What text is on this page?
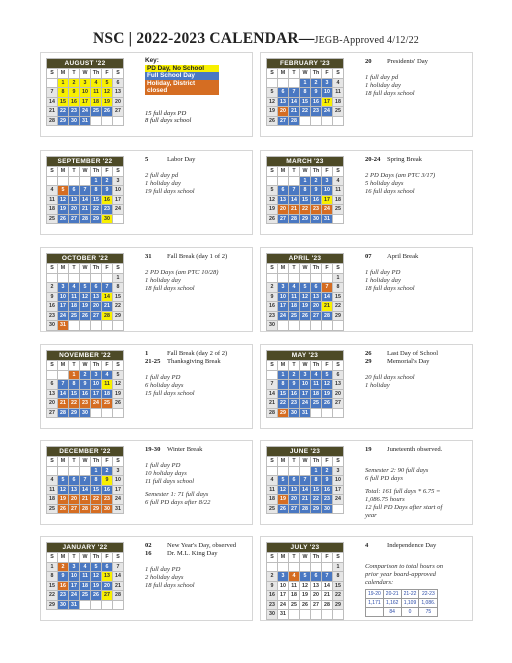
NSC | 2022-2023 CALENDAR—JEGB-Approved 4/12/22
AUGUST '22						
S	M	T	W	Th	F	S
	1	2	3	4	5	6
7	8	9	10	11	12	13
14	15	16	17	18	19	20
21	22	23	24	25	26	27
28	29	30	31			
Key:
PD Day, No School
Full School Day
Holiday, District closed
15 full days PD
8 full days school
FEBRUARY '23						
S	M	T	W	Th	F	S
			1	2	3	4
5	6	7	8	9	10	11
12	13	14	15	16	17	18
19	20	21	22	23	24	25
26	27	28				
20	Presidents' Day
1 full day pd
1 holiday day
18 full days school
SEPTEMBER '22						
S	M	T	W	Th	F	S
				1	2	3
4	5	6	7	8	9	10
11	12	13	14	15	16	17
18	19	20	21	22	23	24
25	26	27	28	29	30	
5	Labor Day
2 full day pd
1 holiday day
19 full days school
MARCH '23						
S	M	T	W	Th	F	S
			1	2	3	4
5	6	7	8	9	10	11
12	13	14	15	16	17	18
19	20	21	22	23	24	25
26	27	28	29	30	31	
20-24	Spring Break
2 PD Days (am PTC 3/17)
5 holiday days
16 full days school
OCTOBER '22						
S	M	T	W	Th	F	S
						1
2	3	4	5	6	7	8
9	10	11	12	13	14	15
16	17	18	19	20	21	22
23	24	25	26	27	28	29
30	31					
31	Fall Break (day 1 of 2)
2 PD Days (am PTC 10/28)
1 holiday day
18 full days school
APRIL '23						
S	M	T	W	Th	F	S
						1
2	3	4	5	6	7	8
9	10	11	12	13	14	15
16	17	18	19	20	21	22
23	24	25	26	27	28	29
30						
07	April Break
1 full day PD
1 holiday day
18 full days school
NOVEMBER '22						
S	M	T	W	Th	F	S
		1	2	3	4	5
6	7	8	9	10	11	12
13	14	15	16	17	18	19
20	21	22	23	24	25	26
27	28	29	30			
1	Fall Break (day 2 of 2)
21-25	Thanksgiving Break
1 full day PD
6 holiday days
15 full days school
MAY '23						
S	M	T	W	Th	F	S
	1	2	3	4	5	6
7	8	9	10	11	12	13
14	15	16	17	18	19	20
21	22	23	24	25	26	27
28	29	30	31			
26	Last Day of School
29	Memorial's Day
20 full days school
1 holiday
DECEMBER '22						
S	M	T	W	Th	F	S
				1	2	3
4	5	6	7	8	9	10
11	12	13	14	15	16	17
18	19	20	21	22	23	24
25	26	27	28	29	30	31
19-30	Winter Break
1 full day PD
10 holiday days
11 full days school
Semester 1: 71 full days
6 full PD days after 8/22
JUNE '23						
S	M	T	W	Th	F	S
				1	2	3
4	5	6	7	8	9	10
11	12	13	14	15	16	17
18	19	20	21	22	23	24
25	26	27	28	29	30	
19	Juneteenth observed.
Semester 2: 90 full days
6 full PD days
Total: 161 full days * 6.75 =
1,086.75 hours
12 full PD Days after start of
year
JANUARY '22						
S	M	T	W	Th	F	S
1	2	3	4	5	6	7
8	9	10	11	12	13	14
15	16	17	18	19	20	21
22	23	24	25	26	27	28
29	30	31				
02	New Year's Day, observed
16	Dr. M.L. King Day
1 full day PD
2 holiday days
18 full days school
JULY '23						
S	M	T	W	Th	F	S
						1
2	3	4	5	6	7	8
9	10	11	12	13	14	15
16	17	18	19	20	21	22
23	24	25	26	27	28	29
30	31					
4	Independence Day
Comparison to total hours on
prior year board-approved
calendars:
19-20	20-21	21-22	22-23
1,171	1,162	1,109	1,086.
	84	0	75
